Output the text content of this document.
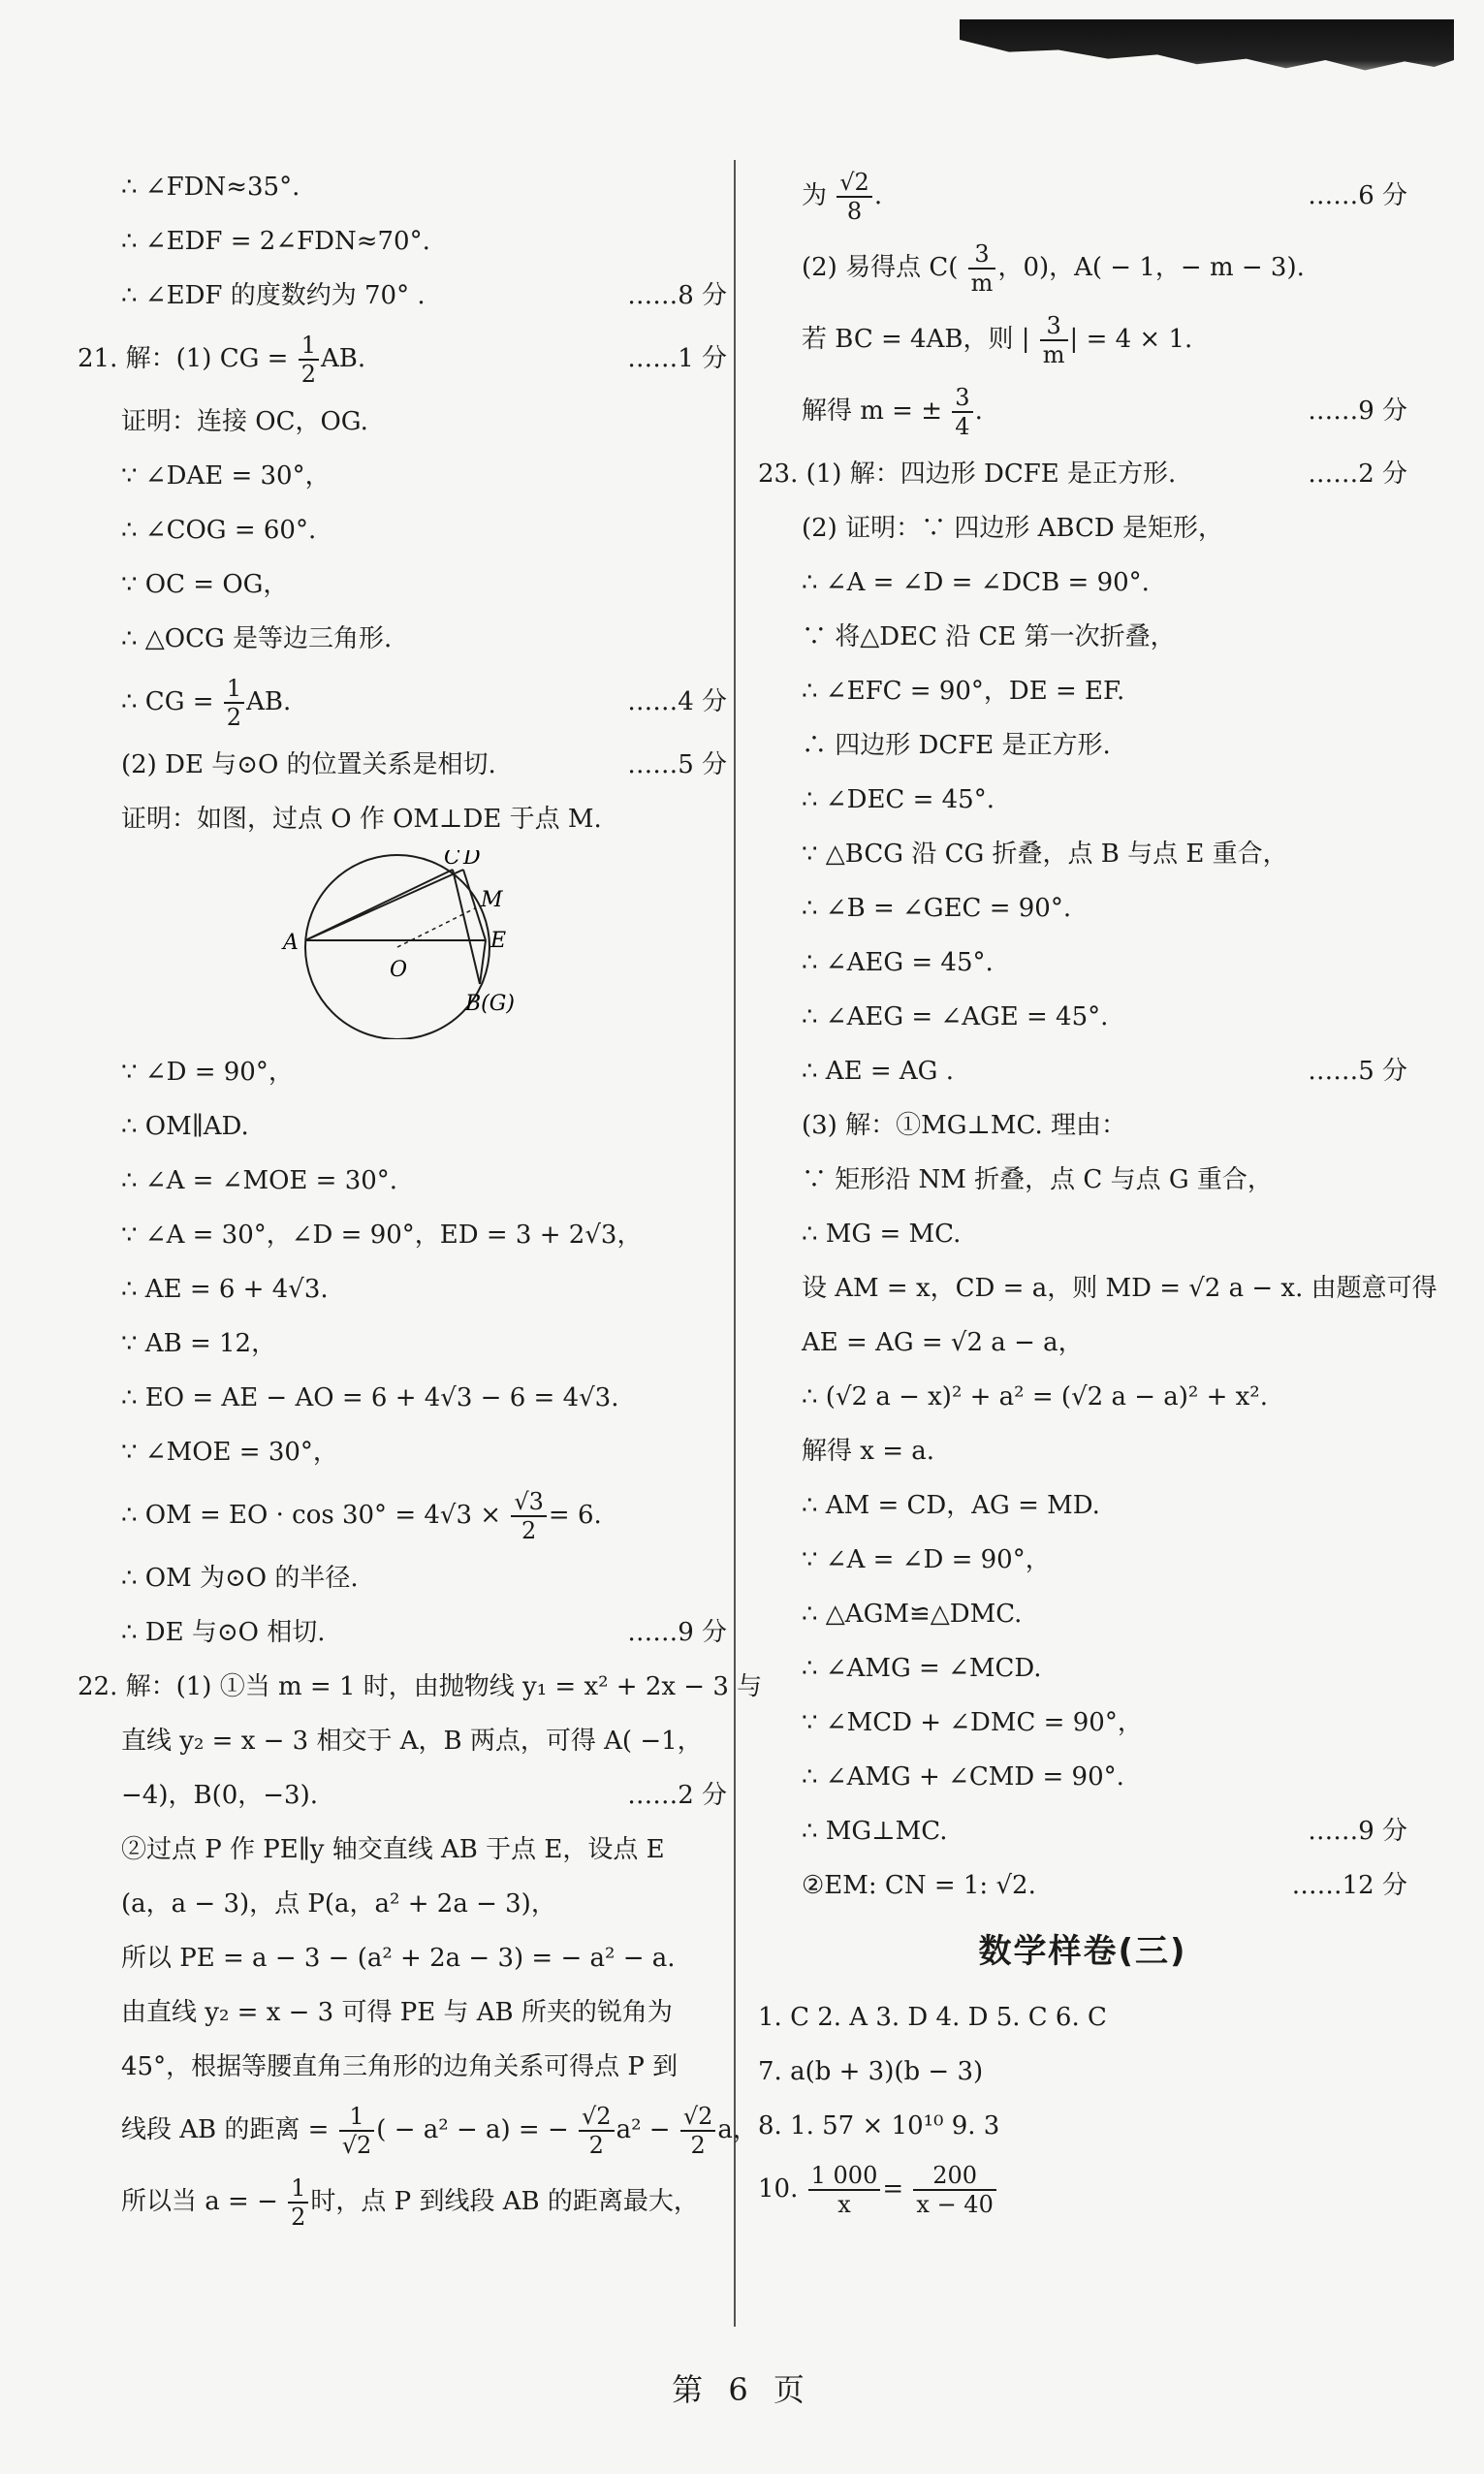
∴ ∠FDN≈35°.
∴ ∠EDF = 2∠FDN≈70°.
∴ ∠EDF 的度数约为 70° .	……8 分
21. 解：(1) CG = $\frac{1}{2}$ AB.	……1 分
证明：连接 OC，OG.
∵ ∠DAE = 30°，
∴ ∠COG = 60°.
∵ OC = OG，
∴ △OCG 是等边三角形.
∴ CG = $\frac{1}{2}$ AB.	……4 分
(2) DE 与⊙O 的位置关系是相切.	……5 分
证明：如图，过点 O 作 OM⊥DE 于点 M.
A
O
B(G)
C D
M
E
∵ ∠D = 90°，
∴ OM∥AD.
∴ ∠A = ∠MOE = 30°.
∵ ∠A = 30°，∠D = 90°，ED = 3 + 2√3，
∴ AE = 6 + 4√3.
∵ AB = 12，
∴ EO = AE − AO = 6 + 4√3 − 6 = 4√3.
∵ ∠MOE = 30°，
∴ OM = EO · $\cos 30^\circ = 4√3 \times \frac{√3}{2} = 6$.
∴ OM 为⊙O 的半径.
∴ DE 与⊙O 相切.	……9 分
22. 解：(1) ①当 m = 1 时，由抛物线 y₁ = x² + 2x − 3 与
直线 y₂ = x − 3 相交于 A，B 两点，可得 A( −1，
−4)，B(0，−3).	……2 分
②过点 P 作 PE∥y 轴交直线 AB 于点 E，设点 E
(a，a − 3)，点 P(a，a² + 2a − 3)，
所以 PE = a − 3 − (a² + 2a − 3) = − a² − a.
由直线 y₂ = x − 3 可得 PE 与 AB 所夹的锐角为
45°，根据等腰直角三角形的边角关系可得点 P 到
线段 AB 的距离 = $\frac{1}{√2}$ ( − a² − a) = − $\frac{√2}{2} a^2 - \frac{√2}{2}$ a，
所以当 a = − $\frac{1}{2}$ 时，点 P 到线段 AB 的距离最大，
为 $\frac{√2}{8}$ .	……6 分
(2) 易得点 $C( \frac{3}{m}$ ，0)，A( − 1，− m − 3).
若 BC = 4AB，则 | $\frac{3}{m}$ | = 4 × 1.
解得 m = ± $\frac{3}{4}$ .	……9 分
23. (1) 解：四边形 DCFE 是正方形.	……2 分
(2) 证明：∵ 四边形 ABCD 是矩形，
∴ ∠A = ∠D = ∠DCB = 90°.
∵ 将△DEC 沿 CE 第一次折叠，
∴ ∠EFC = 90°，DE = EF.
∴ 四边形 DCFE 是正方形.
∴ ∠DEC = 45°.
∵ △BCG 沿 CG 折叠，点 B 与点 E 重合，
∴ ∠B = ∠GEC = 90°.
∴ ∠AEG = 45°.
∴ ∠AEG = ∠AGE = 45°.
∴ AE = AG .	……5 分
(3) 解：①MG⊥MC. 理由：
∵ 矩形沿 NM 折叠，点 C 与点 G 重合，
∴ MG = MC.
设 AM = x，CD = a，则 MD = √2 a − x. 由题意可得
AE = AG = √2 a − a，
∴ (√2 a − x)² + a² = (√2 a − a)² + x².
解得 x = a.
∴ AM = CD，AG = MD.
∵ ∠A = ∠D = 90°，
∴ △AGM≌△DMC.
∴ ∠AMG = ∠MCD.
∵ ∠MCD + ∠DMC = 90°，
∴ ∠AMG + ∠CMD = 90°.
∴ MG⊥MC.	……9 分
②EM: CN = 1: √2.	……12 分
数学样卷(三)
1. C 2. A 3. D 4. D 5. C 6. C
7. a(b + 3)(b − 3)
8. 1. 57 × 10¹⁰ 9. 3
10. $\frac{1 000}{x} = \frac{200}{x - 40}$
第 6 页
